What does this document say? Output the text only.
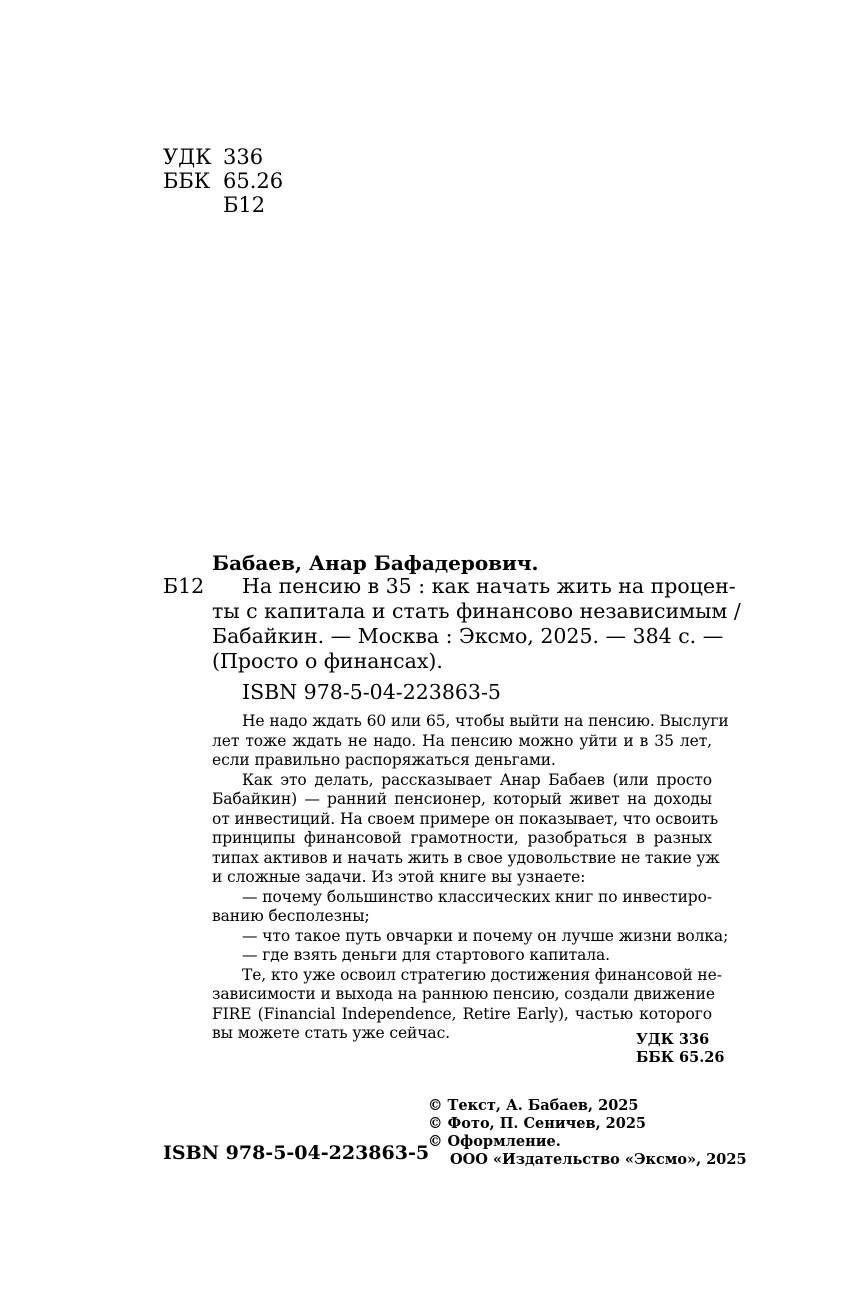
УДК 336
ББК 65.26
Б12
Бабаев, Анар Бафадерович.
Б12	На пенсию в 35 : как начать жить на процен-
ты с капитала и стать финансово независимым /
Бабайкин. — Москва : Эксмо, 2025. — 384 с. —
(Просто о финансах).
ISBN 978-5-04-223863-5
Не надо ждать 60 или 65, чтобы выйти на пенсию. Выслуги
лет тоже ждать не надо. На пенсию можно уйти и в 35 лет,
если правильно распоряжаться деньгами.
Как это делать, рассказывает Анар Бабаев (или просто
Бабайкин) — ранний пенсионер, который живет на доходы
от инвестиций. На своем примере он показывает, что освоить
принципы финансовой грамотности, разобраться в разных
типах активов и начать жить в свое удовольствие не такие уж
и сложные задачи. Из этой книге вы узнаете:
— почему большинство классических книг по инвестиро-
ванию бесполезны;
— что такое путь овчарки и почему он лучше жизни волка;
— где взять деньги для стартового капитала.
Те, кто уже освоил стратегию достижения финансовой не-
зависимости и выхода на раннюю пенсию, создали движение
FIRE (Financial Independence, Retire Early), частью которого
вы можете стать уже сейчас.	УДК 336
ББК 65.26
© Текст, А. Бабаев, 2025
© Фото, П. Сеничев, 2025
© Оформление.
ООО «Издательство «Эксмо», 2025
ISBN 978-5-04-223863-5
